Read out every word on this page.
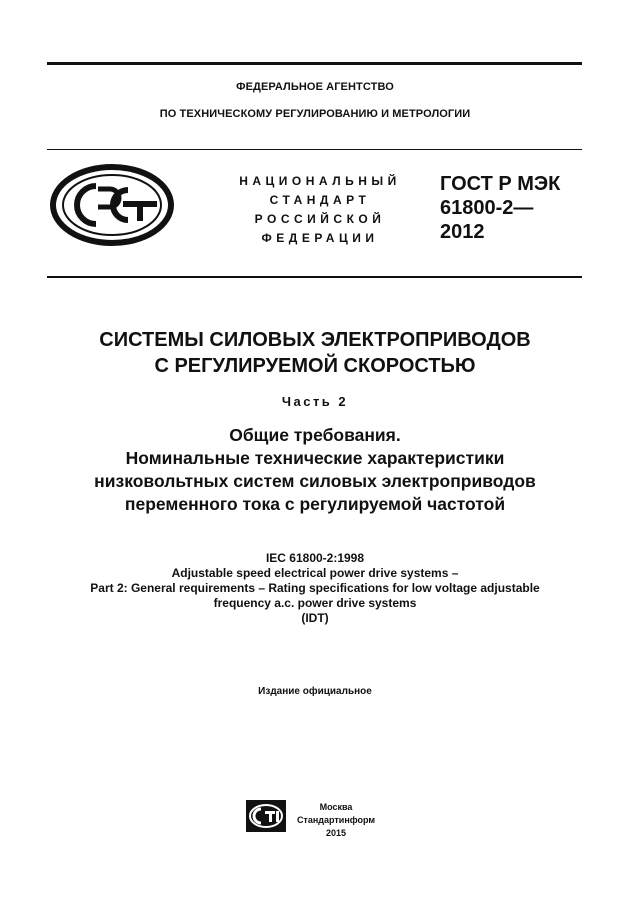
ФЕДЕРАЛЬНОЕ АГЕНТСТВО
ПО ТЕХНИЧЕСКОМУ РЕГУЛИРОВАНИЮ И МЕТРОЛОГИИ
НАЦИОНАЛЬНЫЙ
СТАНДАРТ
РОССИЙСКОЙ
ФЕДЕРАЦИИ
ГОСТ Р МЭК
61800-2—
2012
СИСТЕМЫ СИЛОВЫХ ЭЛЕКТРОПРИВОДОВ
С РЕГУЛИРУЕМОЙ СКОРОСТЬЮ
Часть 2
Общие требования.
Номинальные технические характеристики
низковольтных систем силовых электроприводов
переменного тока с регулируемой частотой
IEC 61800-2:1998
Adjustable speed electrical power drive systems –
Part 2: General requirements – Rating specifications for low voltage adjustable
frequency a.c. power drive systems
(IDT)
Издание официальное
Москва
Стандартинформ
2015
